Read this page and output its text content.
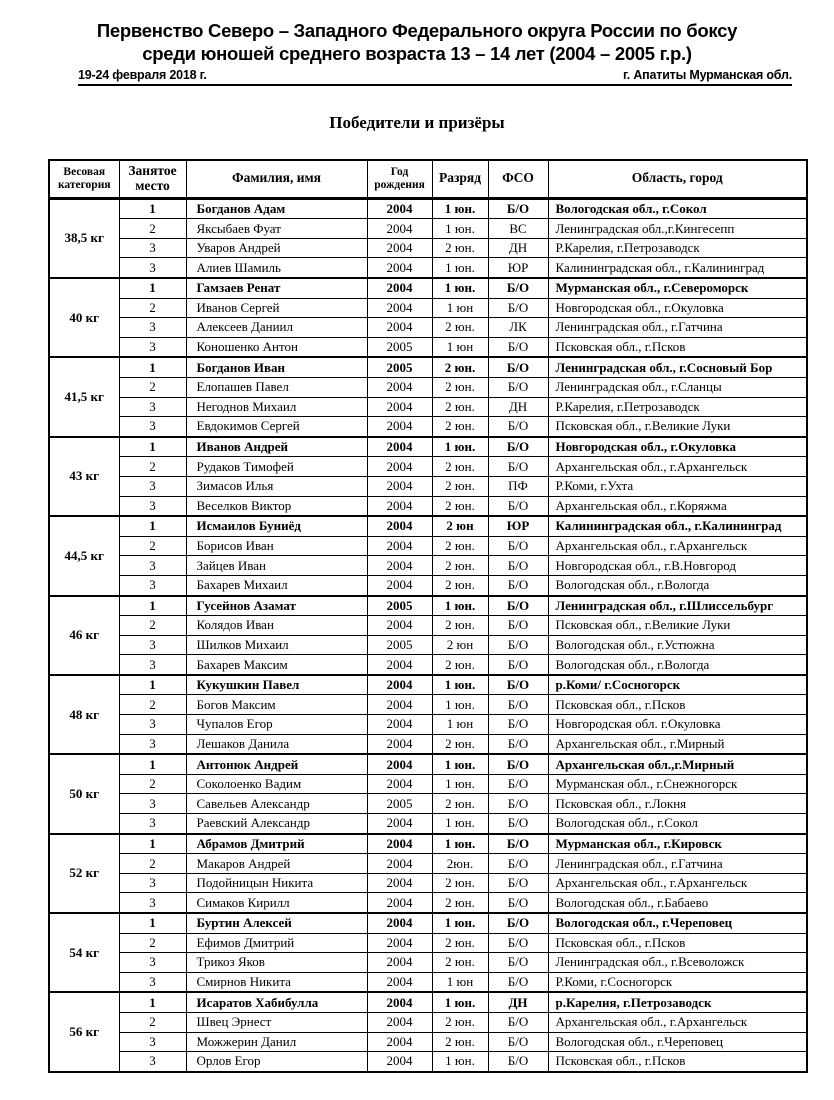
Первенство Северо – Западного Федерального округа России по боксу
среди юношей среднего возраста 13 – 14 лет (2004 – 2005 г.р.)
19-24 февраля 2018 г.	г. Апатиты Мурманская обл.
Победители и призёры
Весовая категория	Занятое место	Фамилия, имя	Год рождения	Разряд	ФСО	Область, город
38,5 кг	1	Богданов Адам	2004	1 юн.	Б/О	Вологодская обл., г.Сокол
	2	Яксыбаев Фуат	2004	1 юн.	ВС	Ленинградская обл.,г.Кингесепп
	3	Уваров Андрей	2004	2 юн.	ДН	Р.Карелия, г.Петрозаводск
	3	Алиев Шамиль	2004	1 юн.	ЮР	Калининградская обл., г.Калининград
40 кг	1	Гамзаев Ренат	2004	1 юн.	Б/О	Мурманская обл., г.Североморск
	2	Иванов Сергей	2004	1 юн	Б/О	Новгородская обл., г.Окуловка
	3	Алексеев Даниил	2004	2 юн.	ЛК	Ленинградская обл., г.Гатчина
	3	Коношенко Антон	2005	1 юн	Б/О	Псковская обл., г.Псков
41,5 кг	1	Богданов Иван	2005	2 юн.	Б/О	Ленинградская обл., г.Сосновый Бор
	2	Елопашев Павел	2004	2 юн.	Б/О	Ленинградская обл., г.Сланцы
	3	Негоднов Михаил	2004	2 юн.	ДН	Р.Карелия, г.Петрозаводск
	3	Евдокимов Сергей	2004	2 юн.	Б/О	Псковская обл., г.Великие Луки
43 кг	1	Иванов Андрей	2004	1 юн.	Б/О	Новгородская обл., г.Окуловка
	2	Рудаков Тимофей	2004	2 юн.	Б/О	Архангельская обл., г.Архангельск
	3	Зимасов Илья	2004	2 юн.	ПФ	Р.Коми, г.Ухта
	3	Веселков Виктор	2004	2 юн.	Б/О	Архангельская обл., г.Коряжма
44,5 кг	1	Исмаилов Буниёд	2004	2 юн	ЮР	Калининградская обл., г.Калининград
	2	Борисов Иван	2004	2 юн.	Б/О	Архангельская обл., г.Архангельск
	3	Зайцев Иван	2004	2 юн.	Б/О	Новгородская обл., г.В.Новгород
	3	Бахарев Михаил	2004	2 юн.	Б/О	Вологодская обл., г.Вологда
46 кг	1	Гусейнов Азамат	2005	1 юн.	Б/О	Ленинградская обл., г.Шлиссельбург
	2	Колядов Иван	2004	2 юн.	Б/О	Псковская обл., г.Великие Луки
	3	Шилков Михаил	2005	2 юн	Б/О	Вологодская обл., г.Устюжна
	3	Бахарев Максим	2004	2 юн.	Б/О	Вологодская обл., г.Вологда
48 кг	1	Кукушкин Павел	2004	1 юн.	Б/О	р.Коми/ г.Сосногорск
	2	Богов Максим	2004	1 юн.	Б/О	Псковская обл., г.Псков
	3	Чупалов Егор	2004	1 юн	Б/О	Новгородская обл. г.Окуловка
	3	Лешаков Данила	2004	2 юн.	Б/О	Архангельская обл., г.Мирный
50 кг	1	Антонюк Андрей	2004	1 юн.	Б/О	Архангельская обл.,г.Мирный
	2	Соколоенко Вадим	2004	1 юн.	Б/О	Мурманская обл., г.Снежногорск
	3	Савельев Александр	2005	2 юн.	Б/О	Псковская обл., г.Локня
	3	Раевский Александр	2004	1 юн.	Б/О	Вологодская обл., г.Сокол
52 кг	1	Абрамов Дмитрий	2004	1 юн.	Б/О	Мурманская обл., г.Кировск
	2	Макаров Андрей	2004	2юн.	Б/О	Ленинградская обл., г.Гатчина
	3	Подойницын Никита	2004	2 юн.	Б/О	Архангельская обл., г.Архангельск
	3	Симаков Кирилл	2004	2 юн.	Б/О	Вологодская обл., г.Бабаево
54 кг	1	Буртин Алексей	2004	1 юн.	Б/О	Вологодская обл., г.Череповец
	2	Ефимов Дмитрий	2004	2 юн.	Б/О	Псковская обл., г.Псков
	3	Трикоз Яков	2004	2 юн.	Б/О	Ленинградская обл., г.Всеволожск
	3	Смирнов Никита	2004	1 юн	Б/О	Р.Коми, г.Сосногорск
56 кг	1	Исаратов Хабибулла	2004	1 юн.	ДН	р.Карелия, г.Петрозаводск
	2	Швец Эрнест	2004	2 юн.	Б/О	Архангельская обл., г.Архангельск
	3	Можжерин Данил	2004	2 юн.	Б/О	Вологодская обл., г.Череповец
	3	Орлов Егор	2004	1 юн.	Б/О	Псковская обл., г.Псков
